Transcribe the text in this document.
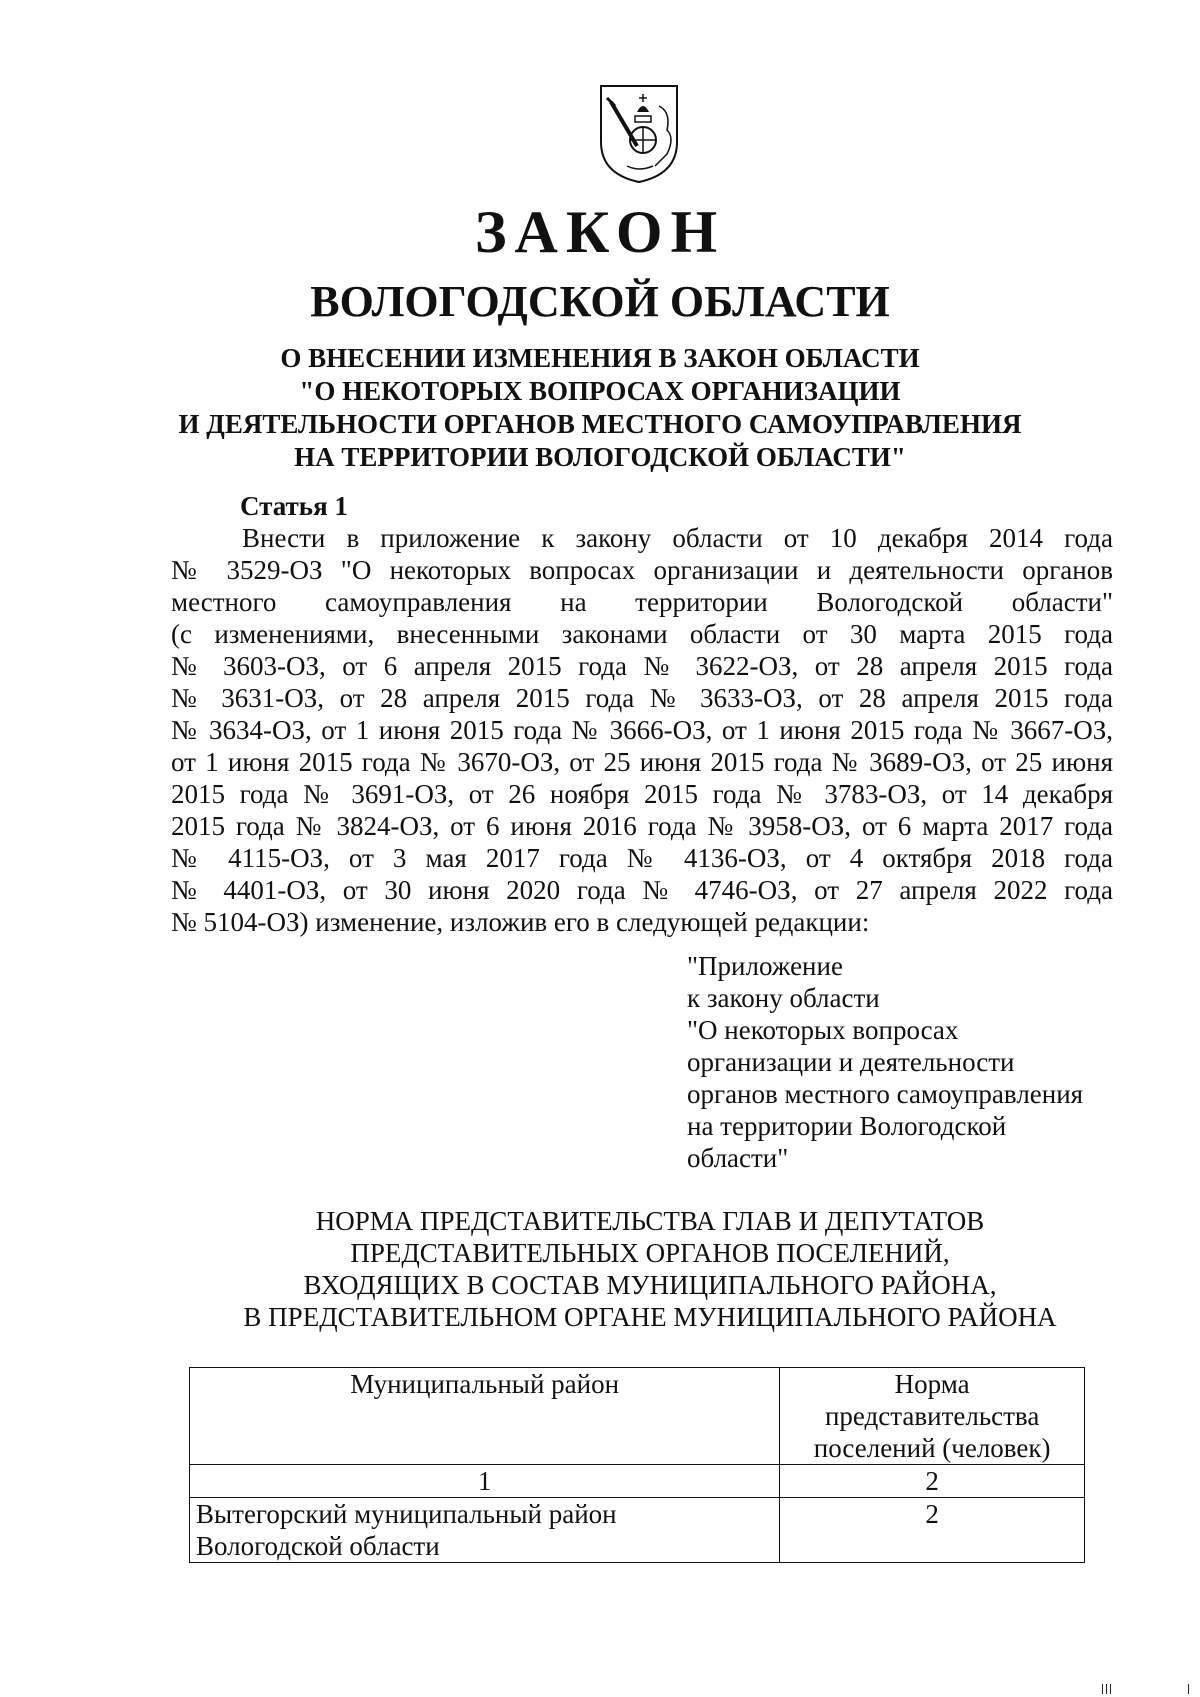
ЗАКОН
ВОЛОГОДСКОЙ ОБЛАСТИ
О ВНЕСЕНИИ ИЗМЕНЕНИЯ В ЗАКОН ОБЛАСТИ
"О НЕКОТОРЫХ ВОПРОСАХ ОРГАНИЗАЦИИ
И ДЕЯТЕЛЬНОСТИ ОРГАНОВ МЕСТНОГО САМОУПРАВЛЕНИЯ
НА ТЕРРИТОРИИ ВОЛОГОДСКОЙ ОБЛАСТИ"
Статья 1
Внести в приложение к закону области от 10 декабря 2014 года
№ 3529-ОЗ "О некоторых вопросах организации и деятельности органов
местного самоуправления на территории Вологодской области"
(с изменениями, внесенными законами области от 30 марта 2015 года
№ 3603-ОЗ, от 6 апреля 2015 года № 3622-ОЗ, от 28 апреля 2015 года
№ 3631-ОЗ, от 28 апреля 2015 года № 3633-ОЗ, от 28 апреля 2015 года
№ 3634-ОЗ, от 1 июня 2015 года № 3666-ОЗ, от 1 июня 2015 года № 3667-ОЗ,
от 1 июня 2015 года № 3670-ОЗ, от 25 июня 2015 года № 3689-ОЗ, от 25 июня
2015 года № 3691-ОЗ, от 26 ноября 2015 года № 3783-ОЗ, от 14 декабря
2015 года № 3824-ОЗ, от 6 июня 2016 года № 3958-ОЗ, от 6 марта 2017 года
№ 4115-ОЗ, от 3 мая 2017 года № 4136-ОЗ, от 4 октября 2018 года
№ 4401-ОЗ, от 30 июня 2020 года № 4746-ОЗ, от 27 апреля 2022 года
№ 5104-ОЗ) изменение, изложив его в следующей редакции:
"Приложение
к закону области
"О некоторых вопросах
организации и деятельности
органов местного самоуправления
на территории Вологодской
области"
НОРМА ПРЕДСТАВИТЕЛЬСТВА ГЛАВ И ДЕПУТАТОВ
ПРЕДСТАВИТЕЛЬНЫХ ОРГАНОВ ПОСЕЛЕНИЙ,
ВХОДЯЩИХ В СОСТАВ МУНИЦИПАЛЬНОГО РАЙОНА,
В ПРЕДСТАВИТЕЛЬНОМ ОРГАНЕ МУНИЦИПАЛЬНОГО РАЙОНА
Муниципальный район	Норма
представительства
поселений (человек)

1	2

Вытегорский муниципальный район
Вологодской области	2
